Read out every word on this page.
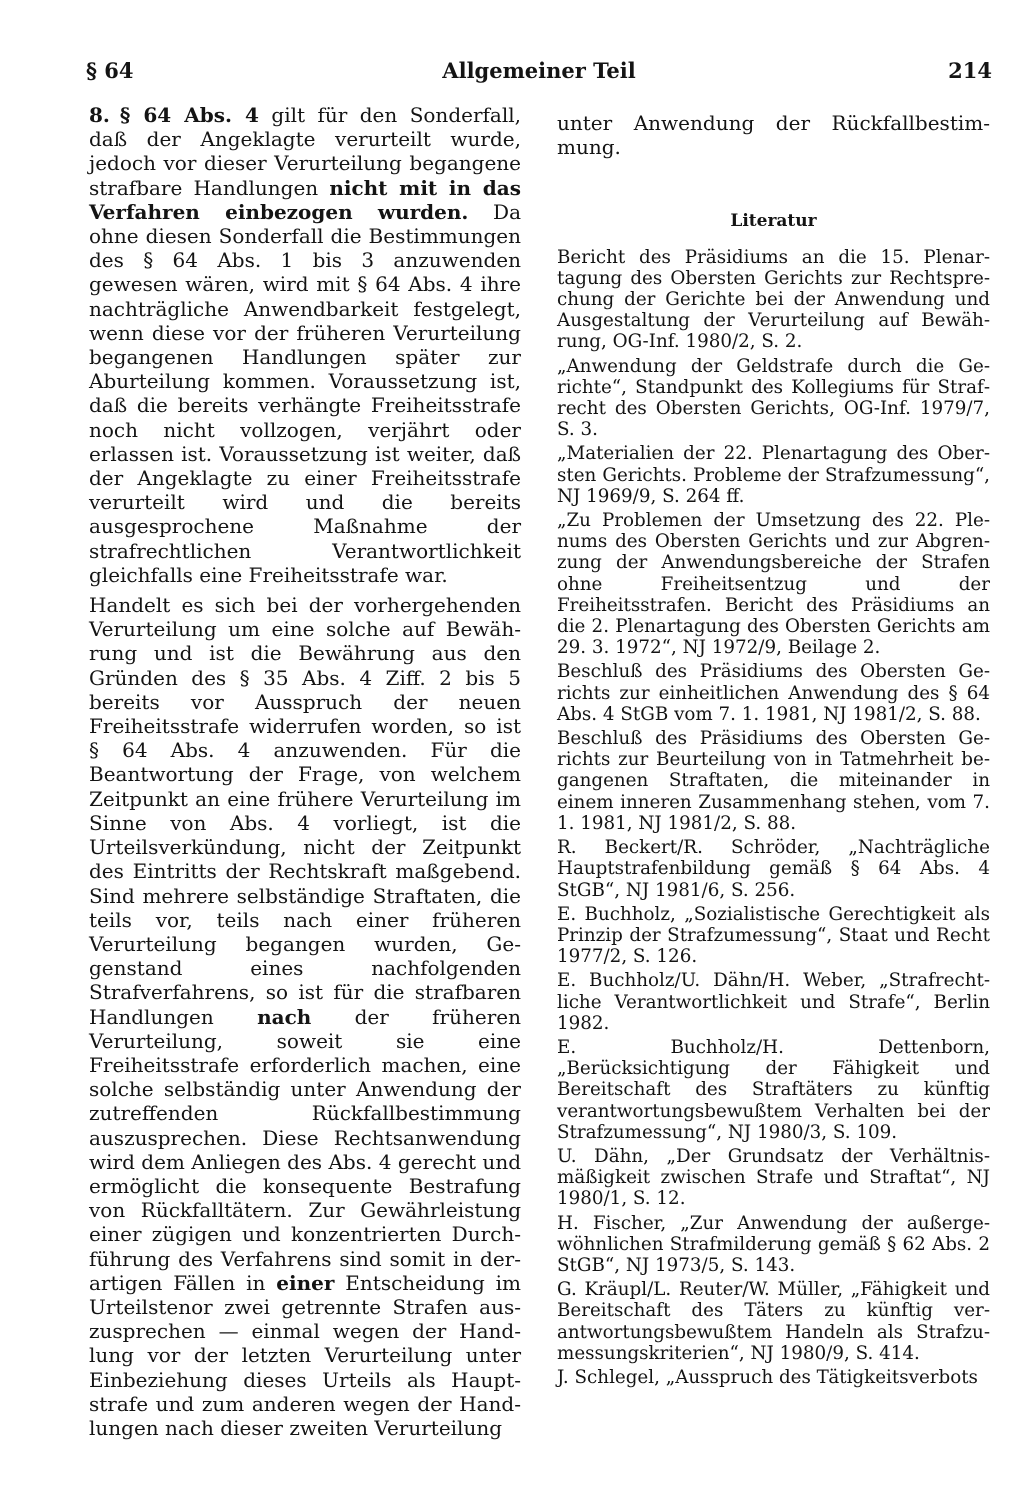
§ 64	Allgemeiner Teil	214

8. § 64 Abs. 4 gilt für den Sonderfall, daß der Angeklagte verurteilt wurde, jedoch vor dieser Verurteilung begangene strafbare Handlungen nicht mit in das Verfahren einbezogen wurden. Da ohne diesen Sonderfall die Bestimmungen des § 64 Abs. 1 bis 3 anzuwenden gewesen wären, wird mit § 64 Abs. 4 ihre nachträgliche Anwendbarkeit festgelegt, wenn diese vor der früheren Verurteilung begangenen Handlungen später zur Aburteilung kommen. Voraussetzung ist, daß die bereits verhängte Freiheitsstrafe noch nicht vollzogen, verjährt oder erlassen ist. Voraussetzung ist weiter, daß der Angeklagte zu einer Freiheitsstrafe verurteilt wird und die bereits ausgesprochene Maßnahme der strafrechtlichen Verantwortlichkeit gleichfalls eine Freiheitsstrafe war.

Handelt es sich bei der vorhergehenden Verurteilung um eine solche auf Bewährung und ist die Bewährung aus den Gründen des § 35 Abs. 4 Ziff. 2 bis 5 bereits vor Ausspruch der neuen Freiheitsstrafe widerrufen worden, so ist § 64 Abs. 4 anzuwenden. Für die Beantwortung der Frage, von welchem Zeitpunkt an eine frühere Verurteilung im Sinne von Abs. 4 vorliegt, ist die Urteilsverkündung, nicht der Zeitpunkt des Eintritts der Rechtskraft maßgebend. Sind mehrere selbständige Straftaten, die teils vor, teils nach einer früheren Verurteilung begangen wurden, Gegenstand eines nachfolgenden Strafverfahrens, so ist für die strafbaren Handlungen nach der früheren Verurteilung, soweit sie eine Freiheitsstrafe erforderlich machen, eine solche selbständig unter Anwendung der zutreffenden Rückfallbestimmung auszusprechen. Diese Rechtsanwendung wird dem Anliegen des Abs. 4 gerecht und ermöglicht die konsequente Bestrafung von Rückfalltätern. Zur Gewährleistung einer zügigen und konzentrierten Durchführung des Verfahrens sind somit in derartigen Fällen in einer Entscheidung im Urteilstenor zwei getrennte Strafen auszusprechen — einmal wegen der Handlung vor der letzten Verurteilung unter Einbeziehung dieses Urteils als Hauptstrafe und zum anderen wegen der Handlungen nach dieser zweiten Verurteilung

unter Anwendung der Rückfallbestimmung.

Literatur
Bericht des Präsidiums an die 15. Plenartagung des Obersten Gerichts zur Rechtsprechung der Gerichte bei der Anwendung und Ausgestaltung der Verurteilung auf Bewährung, OG-Inf. 1980/2, S. 2.
„Anwendung der Geldstrafe durch die Gerichte“, Standpunkt des Kollegiums für Strafrecht des Obersten Gerichts, OG-Inf. 1979/7, S. 3.
„Materialien der 22. Plenartagung des Obersten Gerichts. Probleme der Strafzumessung“, NJ 1969/9, S. 264 ff.
„Zu Problemen der Umsetzung des 22. Plenums des Obersten Gerichts und zur Abgrenzung der Anwendungsbereiche der Strafen ohne Freiheitsentzug und der Freiheitsstrafen. Bericht des Präsidiums an die 2. Plenartagung des Obersten Gerichts am 29. 3. 1972“, NJ 1972/9, Beilage 2.
Beschluß des Präsidiums des Obersten Gerichts zur einheitlichen Anwendung des § 64 Abs. 4 StGB vom 7. 1. 1981, NJ 1981/2, S. 88.
Beschluß des Präsidiums des Obersten Gerichts zur Beurteilung von in Tatmehrheit begangenen Straftaten, die miteinander in einem inneren Zusammenhang stehen, vom 7. 1. 1981, NJ 1981/2, S. 88.
R. Beckert/R. Schröder, „Nachträgliche Hauptstrafenbildung gemäß § 64 Abs. 4 StGB“, NJ 1981/6, S. 256.
E. Buchholz, „Sozialistische Gerechtigkeit als Prinzip der Strafzumessung“, Staat und Recht 1977/2, S. 126.
E. Buchholz/U. Dähn/H. Weber, „Strafrechtliche Verantwortlichkeit und Strafe“, Berlin 1982.
E. Buchholz/H. Dettenborn, „Berücksichtigung der Fähigkeit und Bereitschaft des Straftäters zu künftig verantwortungsbewußtem Verhalten bei der Strafzumessung“, NJ 1980/3, S. 109.
U. Dähn, „Der Grundsatz der Verhältnismäßigkeit zwischen Strafe und Straftat“, NJ 1980/1, S. 12.
H. Fischer, „Zur Anwendung der außergewöhnlichen Strafmilderung gemäß § 62 Abs. 2 StGB“, NJ 1973/5, S. 143.
G. Kräupl/L. Reuter/W. Müller, „Fähigkeit und Bereitschaft des Täters zu künftig verantwortungsbewußtem Handeln als Strafzumessungskriterien“, NJ 1980/9, S. 414.
J. Schlegel, „Ausspruch des Tätigkeitsverbots
